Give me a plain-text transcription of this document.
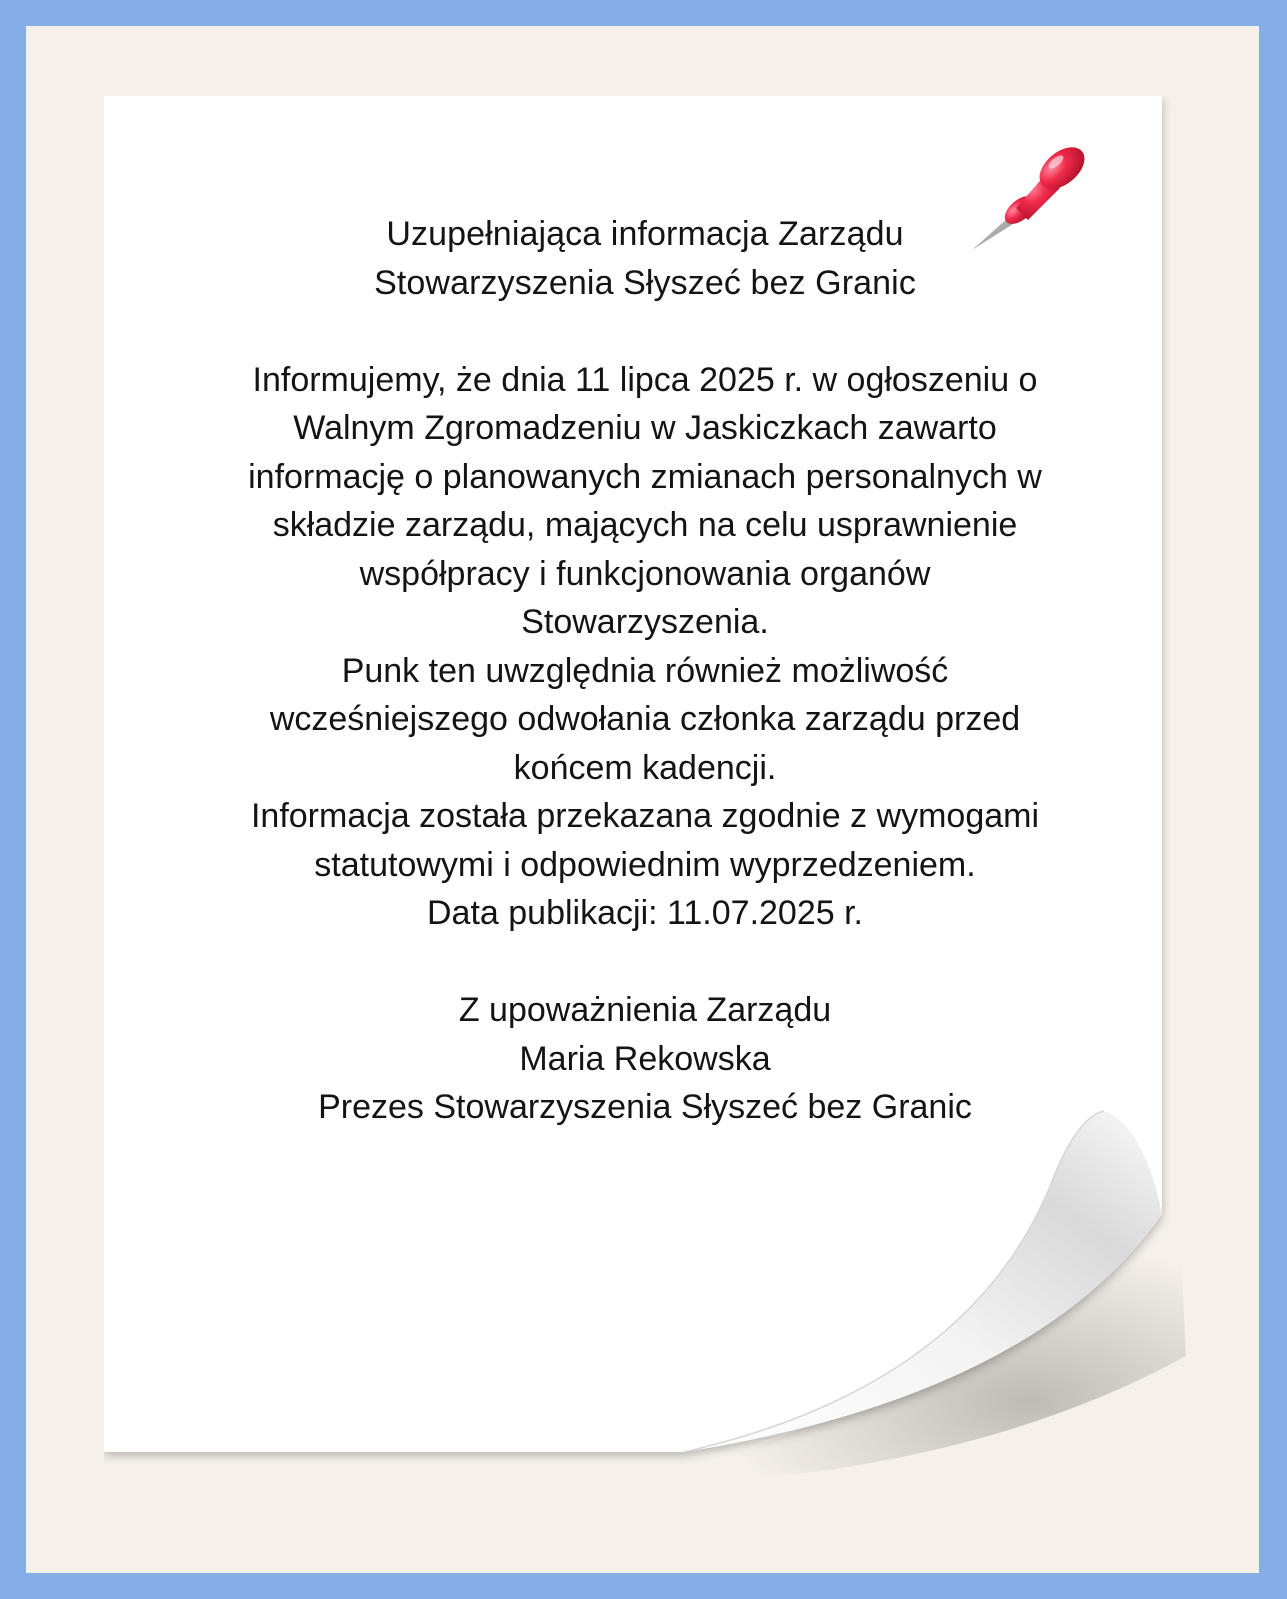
Uzupełniająca informacja Zarządu
Stowarzyszenia Słyszeć bez Granic
Informujemy, że dnia 11 lipca 2025 r. w ogłoszeniu o
Walnym Zgromadzeniu w Jaskiczkach zawarto
informację o planowanych zmianach personalnych w
składzie zarządu, mających na celu usprawnienie
współpracy i funkcjonowania organów
Stowarzyszenia.
Punk ten uwzględnia również możliwość
wcześniejszego odwołania członka zarządu przed
końcem kadencji.
Informacja została przekazana zgodnie z wymogami
statutowymi i odpowiednim wyprzedzeniem.
Data publikacji: 11.07.2025 r.
Z upoważnienia Zarządu
Maria Rekowska
Prezes Stowarzyszenia Słyszeć bez Granic
